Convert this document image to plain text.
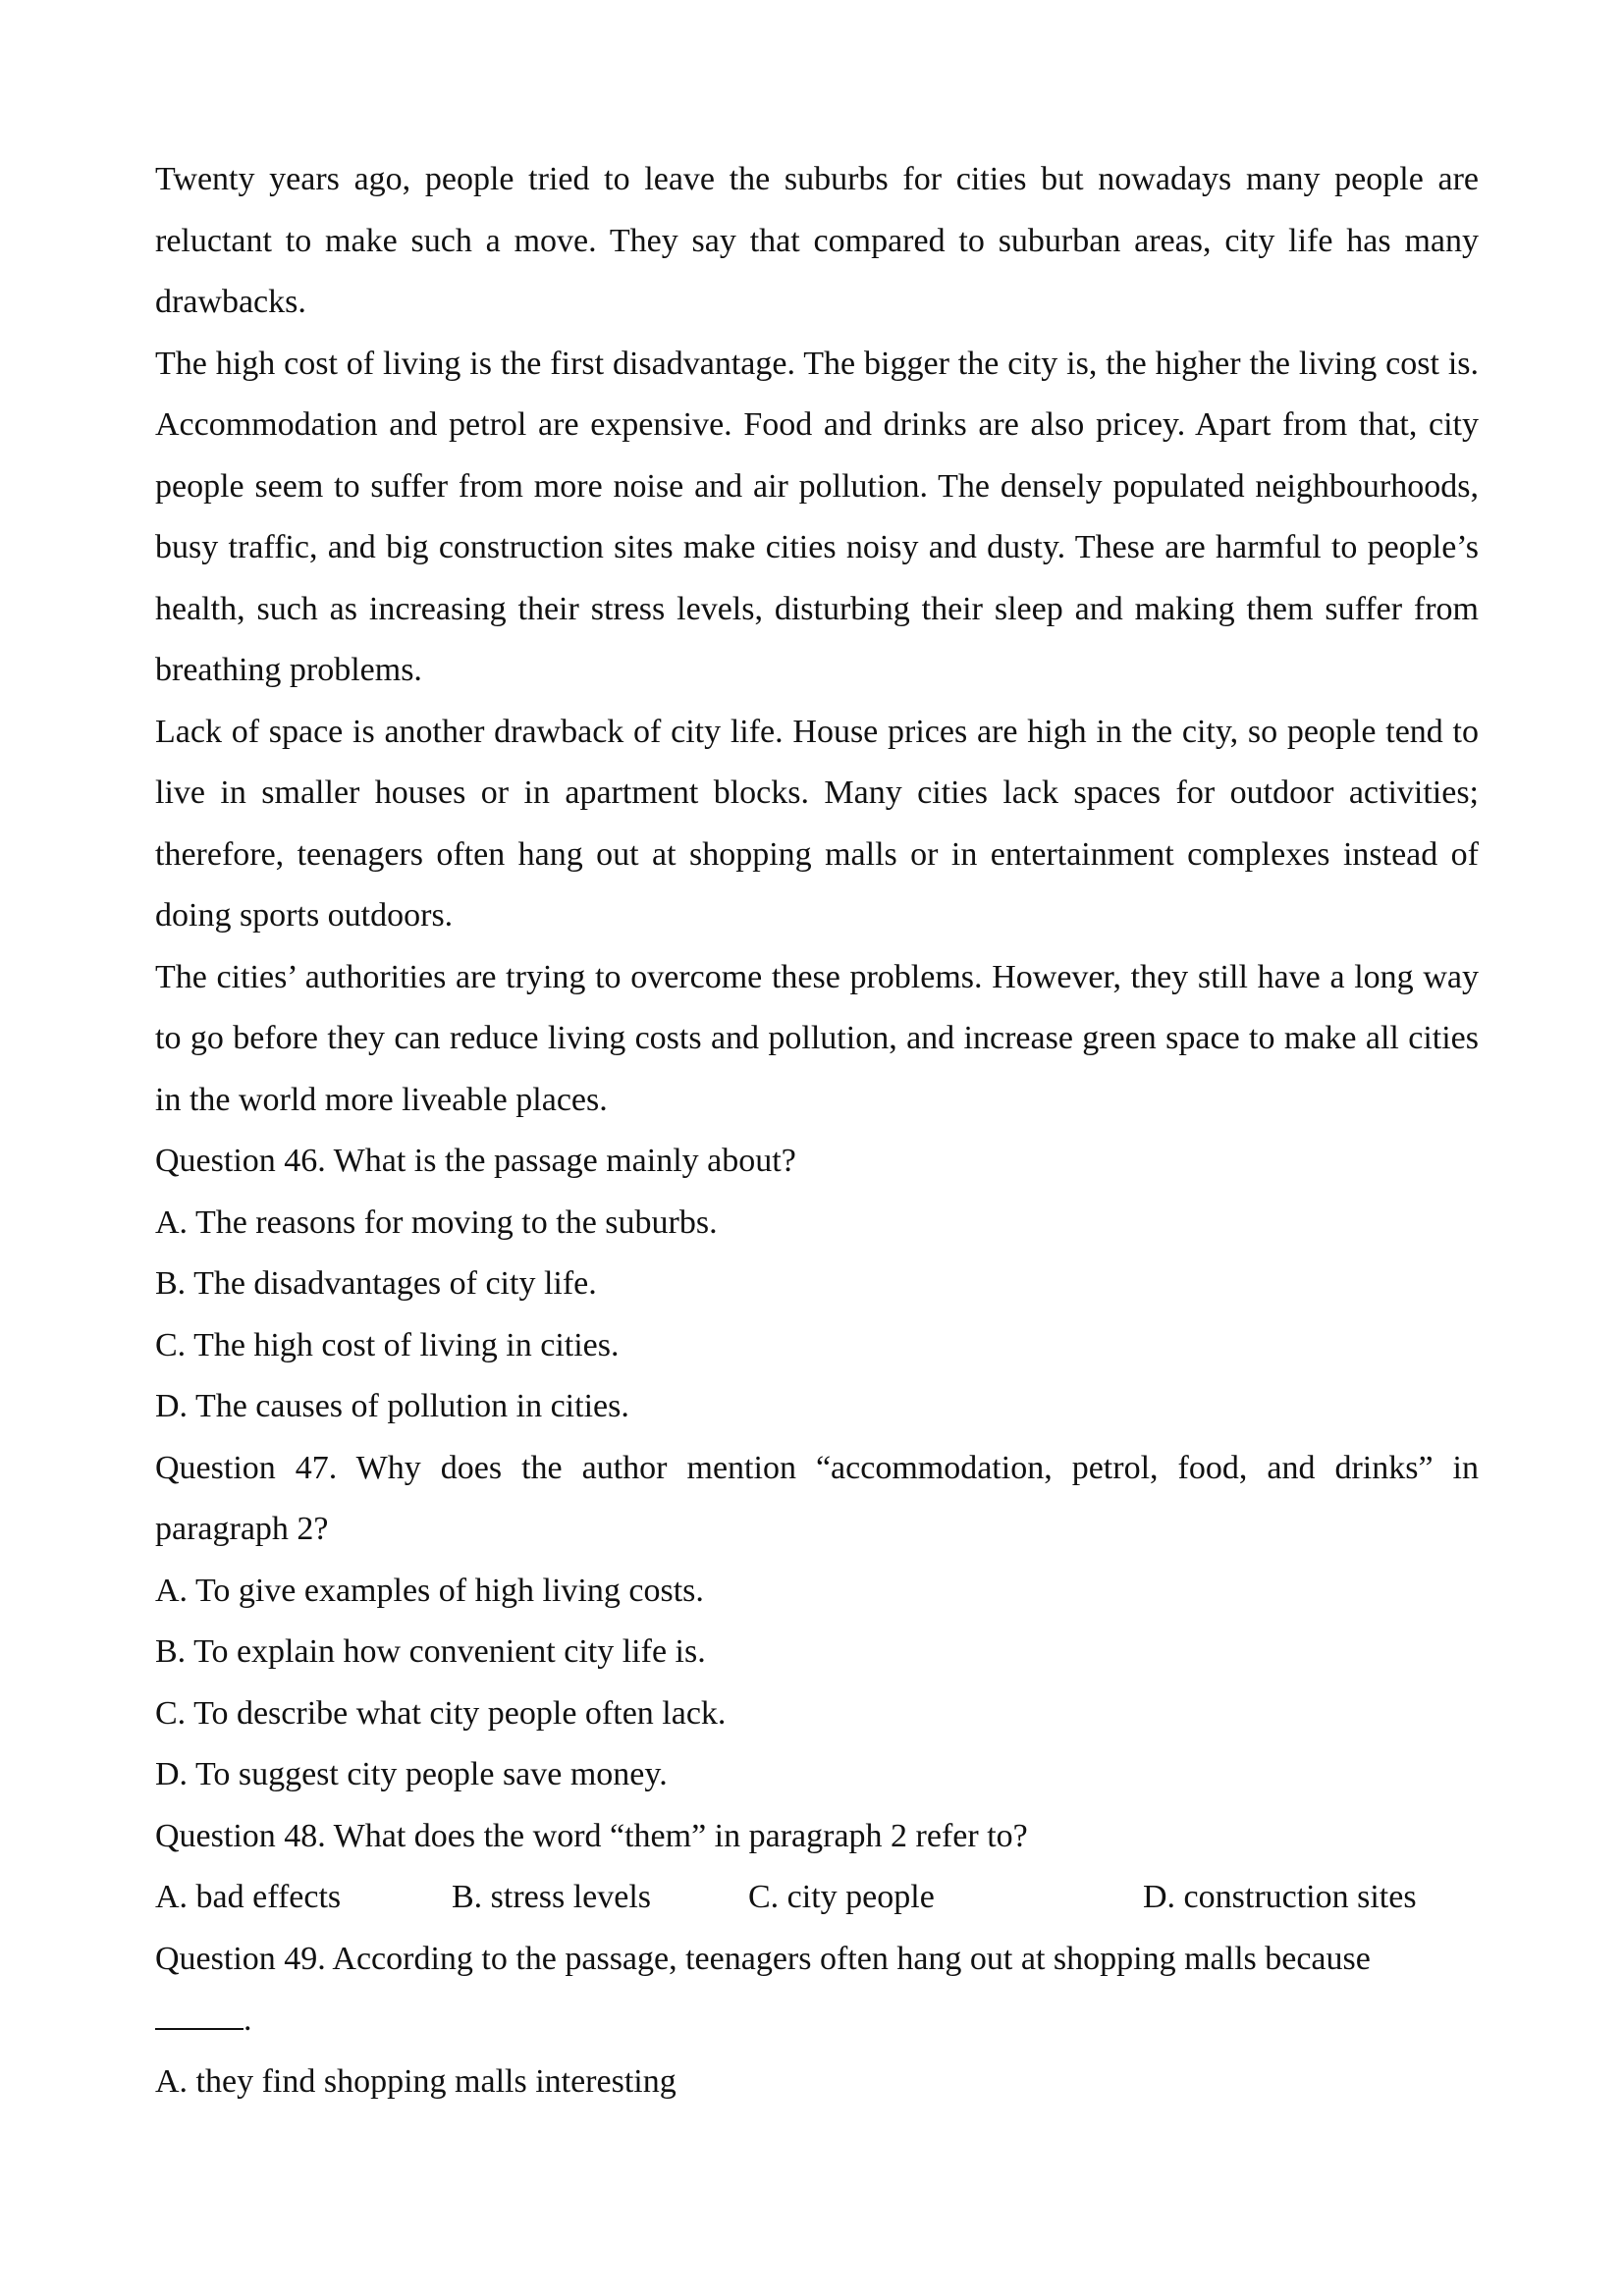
Twenty years ago, people tried to leave the suburbs for cities but nowadays many people are reluctant to make such a move. They say that compared to suburban areas, city life has many drawbacks.

The high cost of living is the first disadvantage. The bigger the city is, the higher the living cost is. Accommodation and petrol are expensive. Food and drinks are also pricey. Apart from that, city people seem to suffer from more noise and air pollution. The densely populated neighbourhoods, busy traffic, and big construction sites make cities noisy and dusty. These are harmful to people’s health, such as increasing their stress levels, disturbing their sleep and making them suffer from breathing problems.

Lack of space is another drawback of city life. House prices are high in the city, so people tend to live in smaller houses or in apartment blocks. Many cities lack spaces for outdoor activities; therefore, teenagers often hang out at shopping malls or in entertainment complexes instead of doing sports outdoors.

The cities’ authorities are trying to overcome these problems. However, they still have a long way to go before they can reduce living costs and pollution, and increase green space to make all cities in the world more liveable places.

Question 46. What is the passage mainly about?

A. The reasons for moving to the suburbs.

B. The disadvantages of city life.

C. The high cost of living in cities.

D. The causes of pollution in cities.

Question 47. Why does the author mention “accommodation, petrol, food, and drinks” in paragraph 2?

A. To give examples of high living costs.

B. To explain how convenient city life is.

C. To describe what city people often lack.

D. To suggest city people save money.

Question 48. What does the word “them” in paragraph 2 refer to?

A. bad effects	B. stress levels	C. city people	D. construction sites

Question 49. According to the passage, teenagers often hang out at shopping malls because

.

A. they find shopping malls interesting
